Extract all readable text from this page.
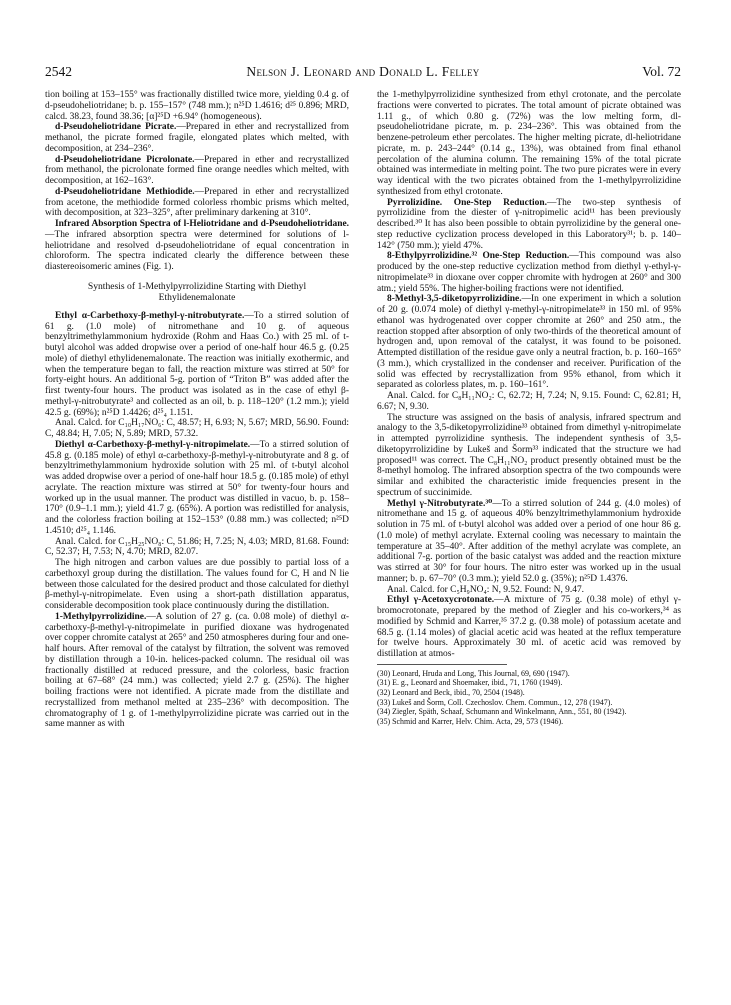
2542	Nelson J. Leonard and Donald L. Felley	Vol. 72

tion boiling at 153–155° was fractionally distilled twice more, yielding 0.4 g. of d-pseudoheliotridane; b. p. 155–157° (748 mm.); n²⁵D 1.4616; d²⁵ 0.896; MRD, calcd. 38.23, found 38.36; [α]²⁵D +6.94° (homogeneous).

d-Pseudoheliotridane Picrate.—Prepared in ether and recrystallized from methanol, the picrate formed fragile, elongated plates which melted, with decomposition, at 234–236°.

d-Pseudoheliotridane Picrolonate.—Prepared in ether and recrystallized from methanol, the picrolonate formed fine orange needles which melted, with decomposition, at 162–163°.

d-Pseudoheliotridane Methiodide.—Prepared in ether and recrystallized from acetone, the methiodide formed colorless rhombic prisms which melted, with decomposition, at 323–325°, after preliminary darkening at 310°.

Infrared Absorption Spectra of l-Heliotridane and d-Pseudoheliotridane.—The infrared absorption spectra were determined for solutions of l-heliotridane and resolved d-pseudoheliotridane of equal concentration in chloroform. The spectra indicated clearly the difference between these diastereoisomeric amines (Fig. 1).

Synthesis of 1-Methylpyrrolizidine Starting with Diethyl Ethylidenemalonate

Ethyl α-Carbethoxy-β-methyl-γ-nitrobutyrate.—To a stirred solution of 61 g. (1.0 mole) of nitromethane and 10 g. of aqueous benzyltrimethylammonium hydroxide (Rohm and Haas Co.) with 25 ml. of t-butyl alcohol was added dropwise over a period of one-half hour 46.5 g. (0.25 mole) of diethyl ethylidenemalonate. The reaction was initially exothermic, and when the temperature began to fall, the reaction mixture was stirred at 50° for forty-eight hours. An additional 5-g. portion of “Triton B” was added after the first twenty-four hours. The product was isolated as in the case of ethyl β-methyl-γ-nitrobutyrate³ and collected as an oil, b. p. 118–120° (1.2 mm.); yield 42.5 g. (69%); n²⁵D 1.4426; d²⁵₄ 1.151.

Anal. Calcd. for C₁₀H₁₇NO₆: C, 48.57; H, 6.93; N, 5.67; MRD, 56.90. Found: C, 48.84; H, 7.05; N, 5.89; MRD, 57.32.

Diethyl α-Carbethoxy-β-methyl-γ-nitropimelate.—To a stirred solution of 45.8 g. (0.185 mole) of ethyl α-carbethoxy-β-methyl-γ-nitrobutyrate and 8 g. of benzyltrimethylammonium hydroxide solution with 25 ml. of t-butyl alcohol was added dropwise over a period of one-half hour 18.5 g. (0.185 mole) of ethyl acrylate. The reaction mixture was stirred at 50° for twenty-four hours and worked up in the usual manner. The product was distilled in vacuo, b. p. 158–170° (0.9–1.1 mm.); yield 41.7 g. (65%). A portion was redistilled for analysis, and the colorless fraction boiling at 152–153° (0.88 mm.) was collected; n²⁵D 1.4510; d²⁵₄ 1.146.

Anal. Calcd. for C₁₅H₂₅NO₈: C, 51.86; H, 7.25; N, 4.03; MRD, 81.68. Found: C, 52.37; H, 7.53; N, 4.70; MRD, 82.07.

The high nitrogen and carbon values are due possibly to partial loss of a carbethoxyl group during the distillation. The values found for C, H and N lie between those calculated for the desired product and those calculated for diethyl β-methyl-γ-nitropimelate. Even using a short-path distillation apparatus, considerable decomposition took place continuously during the distillation.

1-Methylpyrrolizidine.—A solution of 27 g. (ca. 0.08 mole) of diethyl α-carbethoxy-β-methyl-γ-nitropimelate in purified dioxane was hydrogenated over copper chromite catalyst at 265° and 250 atmospheres during four and one-half hours. After removal of the catalyst by filtration, the solvent was removed by distillation through a 10-in. helices-packed column. The residual oil was fractionally distilled at reduced pressure, and the colorless, basic fraction boiling at 67–68° (24 mm.) was collected; yield 2.7 g. (25%). The higher boiling fractions were not identified. A picrate made from the distillate and recrystallized from methanol melted at 235–236° with decomposition. The chromatography of 1 g. of 1-methylpyrrolizidine picrate was carried out in the same manner as with

the 1-methylpyrrolizidine synthesized from ethyl crotonate, and the percolate fractions were converted to picrates. The total amount of picrate obtained was 1.11 g., of which 0.80 g. (72%) was the low melting form, dl-pseudoheliotridane picrate, m. p. 234–236°. This was obtained from the benzene-petroleum ether percolates. The higher melting picrate, dl-heliotridane picrate, m. p. 243–244° (0.14 g., 13%), was obtained from final ethanol percolation of the alumina column. The remaining 15% of the total picrate obtained was intermediate in melting point. The two pure picrates were in every way identical with the two picrates obtained from the 1-methylpyrrolizidine synthesized from ethyl crotonate.

Pyrrolizidine. One-Step Reduction.—The two-step synthesis of pyrrolizidine from the diester of γ-nitropimelic acid¹¹ has been previously described.³⁰ It has also been possible to obtain pyrrolizidine by the general one-step reductive cyclization process developed in this Laboratory³¹; b. p. 140–142° (750 mm.); yield 47%.

8-Ethylpyrrolizidine.³² One-Step Reduction.—This compound was also produced by the one-step reductive cyclization method from diethyl γ-ethyl-γ-nitropimelate³³ in dioxane over copper chromite with hydrogen at 260° and 300 atm.; yield 55%. The higher-boiling fractions were not identified.

8-Methyl-3,5-diketopyrrolizidine.—In one experiment in which a solution of 20 g. (0.074 mole) of diethyl γ-methyl-γ-nitropimelate³³ in 150 ml. of 95% ethanol was hydrogenated over copper chromite at 260° and 250 atm., the reaction stopped after absorption of only two-thirds of the theoretical amount of hydrogen and, upon removal of the catalyst, it was found to be poisoned. Attempted distillation of the residue gave only a neutral fraction, b. p. 160–165° (3 mm.), which crystallized in the condenser and receiver. Purification of the solid was effected by recrystallization from 95% ethanol, from which it separated as colorless plates, m. p. 160–161°.

Anal. Calcd. for C₈H₁₁NO₂: C, 62.72; H, 7.24; N, 9.15. Found: C, 62.81; H, 6.67; N, 9.30.

The structure was assigned on the basis of analysis, infrared spectrum and analogy to the 3,5-diketopyrrolizidine³³ obtained from dimethyl γ-nitropimelate in attempted pyrrolizidine synthesis. The independent synthesis of 3,5-diketopyrrolizidine by Lukeš and Šorm³³ indicated that the structure we had proposed¹¹ was correct. The C₈H₁₁NO₂ product presently obtained must be the 8-methyl homolog. The infrared absorption spectra of the two compounds were similar and exhibited the characteristic imide frequencies present in the spectrum of succinimide.

Methyl γ-Nitrobutyrate.³⁰—To a stirred solution of 244 g. (4.0 moles) of nitromethane and 15 g. of aqueous 40% benzyltrimethylammonium hydroxide solution in 75 ml. of t-butyl alcohol was added over a period of one hour 86 g. (1.0 mole) of methyl acrylate. External cooling was necessary to maintain the temperature at 35–40°. After addition of the methyl acrylate was complete, an additional 7-g. portion of the basic catalyst was added and the reaction mixture was stirred at 30° for four hours. The nitro ester was worked up in the usual manner; b. p. 67–70° (0.3 mm.); yield 52.0 g. (35%); n²⁵D 1.4376.

Anal. Calcd. for C₅H₉NO₄: N, 9.52. Found: N, 9.47.

Ethyl γ-Acetoxycrotonate.—A mixture of 75 g. (0.38 mole) of ethyl γ-bromocrotonate, prepared by the method of Ziegler and his co-workers,³⁴ as modified by Schmid and Karrer,³⁵ 37.2 g. (0.38 mole) of potassium acetate and 68.5 g. (1.14 moles) of glacial acetic acid was heated at the reflux temperature for twelve hours. Approximately 30 ml. of acetic acid was removed by distillation at atmos-

(30) Leonard, Hruda and Long, This Journal, 69, 690 (1947).

(31) E. g., Leonard and Shoemaker, ibid., 71, 1760 (1949).

(32) Leonard and Beck, ibid., 70, 2504 (1948).

(33) Lukeš and Šorm, Coll. Czechoslov. Chem. Commun., 12, 278 (1947).

(34) Ziegler, Späth, Schaaf, Schumann and Winkelmann, Ann., 551, 80 (1942).

(35) Schmid and Karrer, Helv. Chim. Acta, 29, 573 (1946).
